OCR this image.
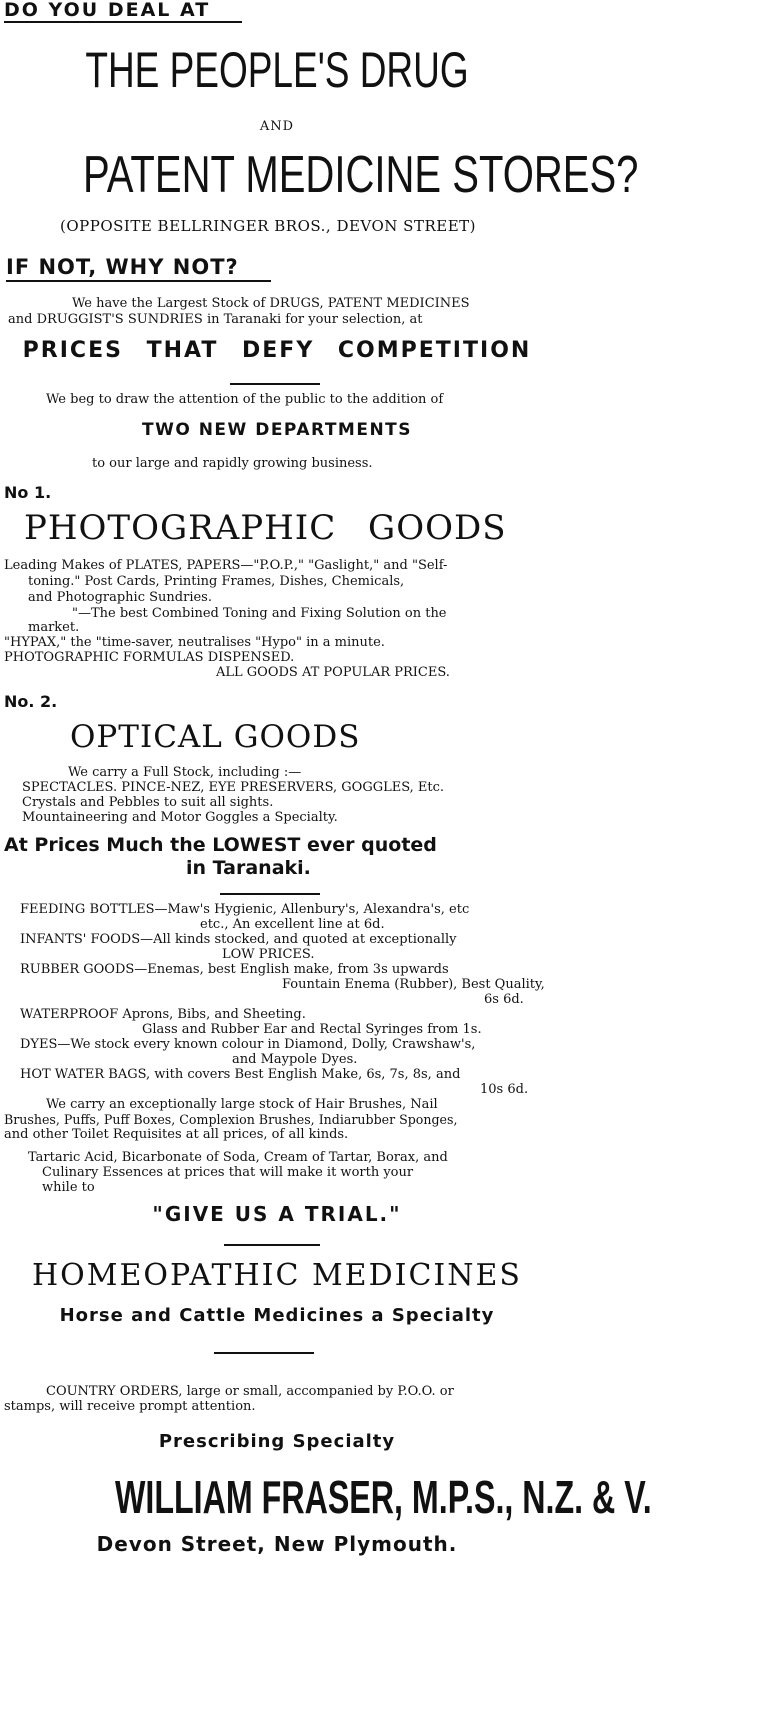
DO YOU DEAL AT
THE PEOPLE'S DRUG
AND
PATENT MEDICINE STORES?
(OPPOSITE BELLRINGER BROS., DEVON STREET)
IF NOT, WHY NOT?
We have the Largest Stock of DRUGS, PATENT MEDICINES
and DRUGGIST'S SUNDRIES in Taranaki for your selection, at
PRICES THAT DEFY COMPETITION
We beg to draw the attention of the public to the addition of
TWO NEW DEPARTMENTS
to our large and rapidly growing business.
No 1.
PHOTOGRAPHIC GOODS
Leading Makes of PLATES, PAPERS—"P.O.P.," "Gaslight," and "Self-
toning." Post Cards, Printing Frames, Dishes, Chemicals,
and Photographic Sundries.
"—The best Combined Toning and Fixing Solution on the
market.
"HYPAX," the "time-saver, neutralises "Hypo" in a minute.
PHOTOGRAPHIC FORMULAS DISPENSED.
ALL GOODS AT POPULAR PRICES.
No. 2.
OPTICAL GOODS
We carry a Full Stock, including :—
SPECTACLES. PINCE-NEZ, EYE PRESERVERS, GOGGLES, Etc.
Crystals and Pebbles to suit all sights.
Mountaineering and Motor Goggles a Specialty.
At Prices Much the LOWEST ever quoted
in Taranaki.
FEEDING BOTTLES—Maw's Hygienic, Allenbury's, Alexandra's, etc
etc., An excellent line at 6d.
INFANTS' FOODS—All kinds stocked, and quoted at exceptionally
LOW PRICES.
RUBBER GOODS—Enemas, best English make, from 3s upwards
Fountain Enema (Rubber), Best Quality,
6s 6d.
WATERPROOF Aprons, Bibs, and Sheeting.
Glass and Rubber Ear and Rectal Syringes from 1s.
DYES—We stock every known colour in Diamond, Dolly, Crawshaw's,
and Maypole Dyes.
HOT WATER BAGS, with covers Best English Make, 6s, 7s, 8s, and
10s 6d.
We carry an exceptionally large stock of Hair Brushes, Nail
Brushes, Puffs, Puff Boxes, Complexion Brushes, Indiarubber Sponges,
and other Toilet Requisites at all prices, of all kinds.
Tartaric Acid, Bicarbonate of Soda, Cream of Tartar, Borax, and
Culinary Essences at prices that will make it worth your
while to
"GIVE US A TRIAL."
HOMEOPATHIC MEDICINES
Horse and Cattle Medicines a Specialty
COUNTRY ORDERS, large or small, accompanied by P.O.O. or
stamps, will receive prompt attention.
Prescribing Specialty
WILLIAM FRASER, M.P.S., N.Z. & V.
Devon Street, New Plymouth.
